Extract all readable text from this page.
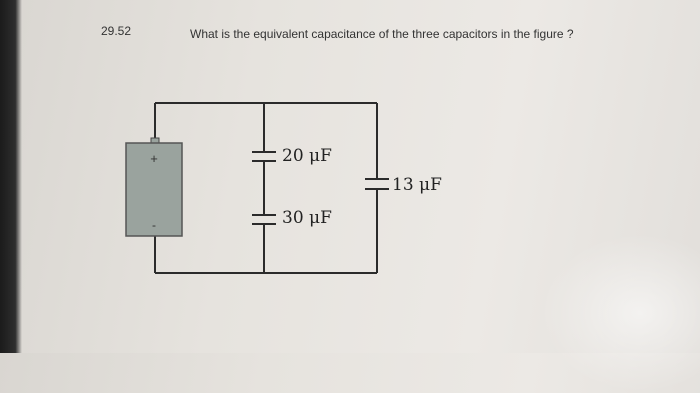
29.52	What is the equivalent capacitance of the three capacitors in the figure ?
+
-
20 μF
30 μF
13 μF
